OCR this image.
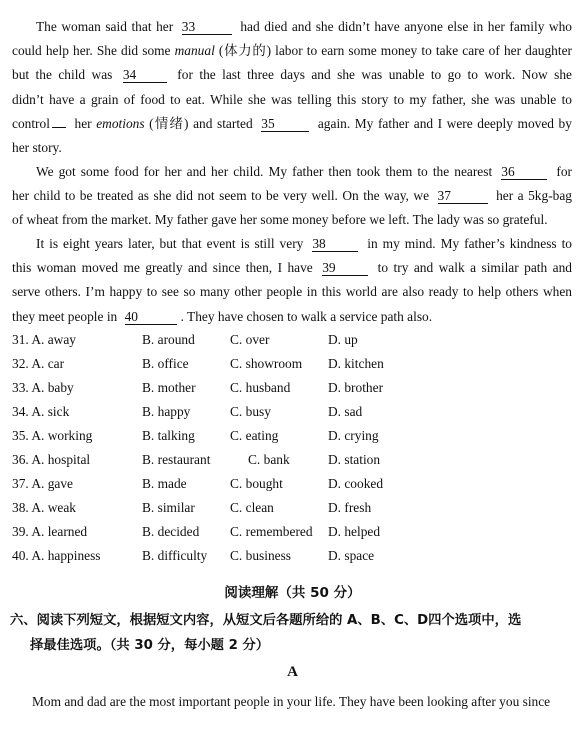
The woman said that her 33	had died and she didn’t have anyone else in her family who
could help her. She did some manual (体力的) labor to earn some money to take care of her daughter
but the child was 34	for the last three days and she was unable to go to work. Now she
didn’t have a grain of food to eat. While she was telling this story to my father, she was unable to
control her emotions (情绪) and started 35	again. My father and I were deeply moved by
her story.
We got some food for her and her child. My father then took them to the nearest 36	for
her child to be treated as she did not seem to be very well. On the way, we 37	her a 5kg-bag
of wheat from the market. My father gave her some money before we left. The lady was so grateful.
It is eight years later, but that event is still very 38	in my mind. My father’s kindness to
this woman moved me greatly and since then, I have 39	to try and walk a similar path and
serve others. I’m happy to see so many other people in this world are also ready to help others when
they meet people in 40	. They have chosen to walk a service path also.
31. A. away	B. around	C. over	D. up
32. A. car	B. office	C. showroom D. kitchen
33. A. baby	B. mother	C. husband	D. brother
34. A. sick	B. happy	C. busy	D. sad
35. A. working	B. talking	C. eating	D. crying
36. A. hospital	B. restaurant	C. bank	D. station
37. A. gave	B. made	C. bought	D. cooked
38. A. weak	B. similar	C. clean	D. fresh
39. A. learned	B. decided C. remembered D. helped
40. A. happiness	B. difficulty C. business	D. space
阅读理解（共 50 分）
六、阅读下列短文，根据短文内容，从短文后各题所给的 A、B、C、D四个选项中，选
择最佳选项。（共 30 分，每小题 2 分）
A
Mom and dad are the most important people in your life. They have been looking after you since
